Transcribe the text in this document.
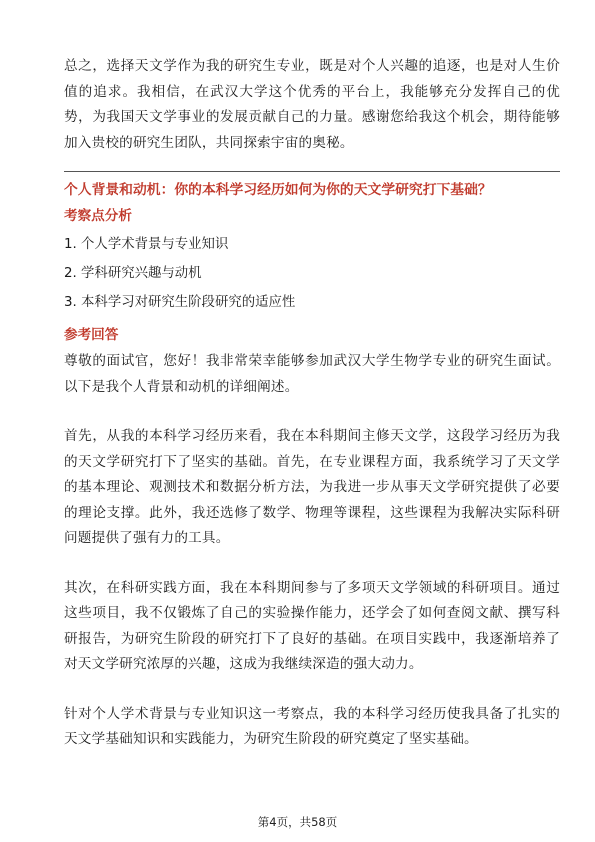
总之，选择天文学作为我的研究生专业，既是对个人兴趣的追逐，也是对人生价值的追求。我相信，在武汉大学这个优秀的平台上，我能够充分发挥自己的优势，为我国天文学事业的发展贡献自己的力量。感谢您给我这个机会，期待能够加入贵校的研究生团队，共同探索宇宙的奥秘。

个人背景和动机：你的本科学习经历如何为你的天文学研究打下基础？

考察点分析

1. 个人学术背景与专业知识
2. 学科研究兴趣与动机
3. 本科学习对研究生阶段研究的适应性

参考回答

尊敬的面试官，您好！我非常荣幸能够参加武汉大学生物学专业的研究生面试。以下是我个人背景和动机的详细阐述。

首先，从我的本科学习经历来看，我在本科期间主修天文学，这段学习经历为我的天文学研究打下了坚实的基础。首先，在专业课程方面，我系统学习了天文学的基本理论、观测技术和数据分析方法，为我进一步从事天文学研究提供了必要的理论支撑。此外，我还选修了数学、物理等课程，这些课程为我解决实际科研问题提供了强有力的工具。

其次，在科研实践方面，我在本科期间参与了多项天文学领域的科研项目。通过这些项目，我不仅锻炼了自己的实验操作能力，还学会了如何查阅文献、撰写科研报告，为研究生阶段的研究打下了良好的基础。在项目实践中，我逐渐培养了对天文学研究浓厚的兴趣，这成为我继续深造的强大动力。

针对个人学术背景与专业知识这一考察点，我的本科学习经历使我具备了扎实的天文学基础知识和实践能力，为研究生阶段的研究奠定了坚实基础。

第4页，共58页
